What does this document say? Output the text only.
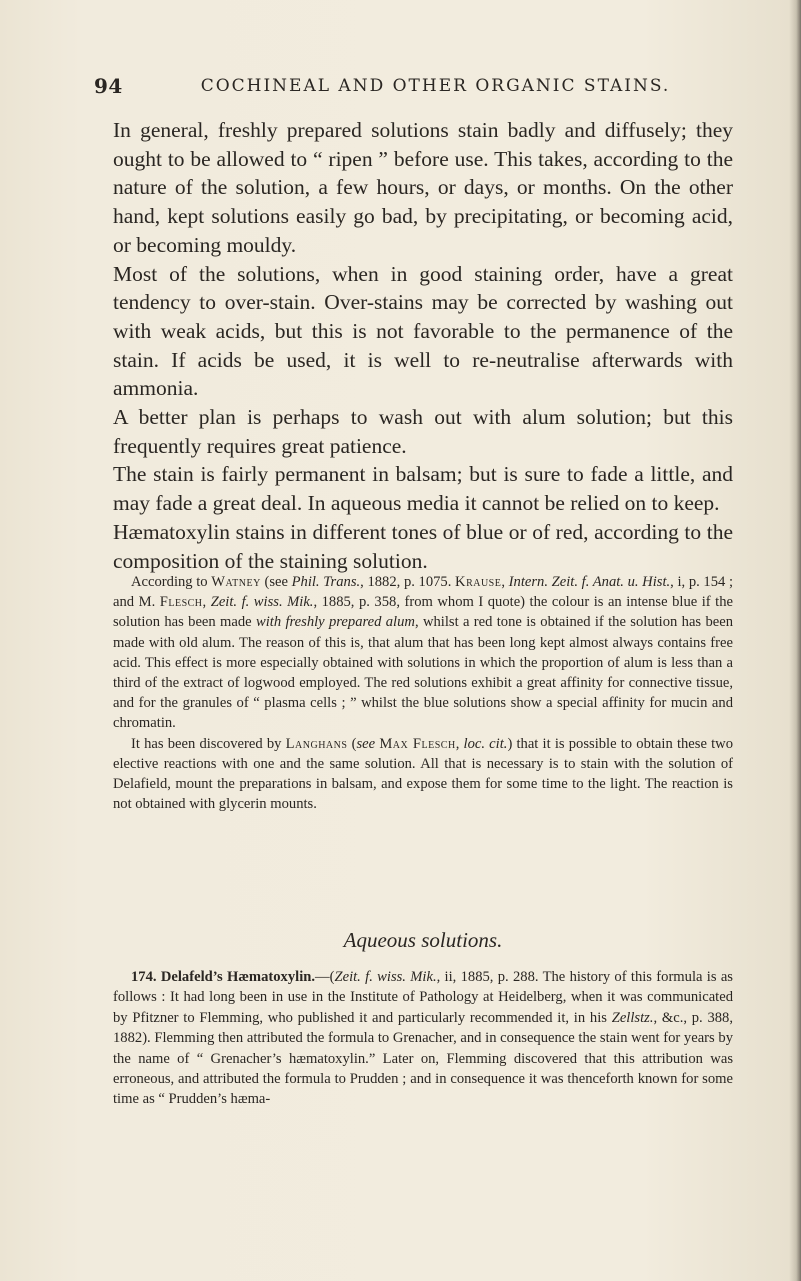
94	COCHINEAL AND OTHER ORGANIC STAINS.

In general, freshly prepared solutions stain badly and diffusely; they ought to be allowed to “ ripen ” before use. This takes, according to the nature of the solution, a few hours, or days, or months. On the other hand, kept solutions easily go bad, by precipitating, or becoming acid, or becoming mouldy.

Most of the solutions, when in good staining order, have a great tendency to over-stain. Over-stains may be corrected by washing out with weak acids, but this is not favorable to the permanence of the stain. If acids be used, it is well to re-neutralise afterwards with ammonia.

A better plan is perhaps to wash out with alum solution; but this frequently requires great patience.

The stain is fairly permanent in balsam; but is sure to fade a little, and may fade a great deal. In aqueous media it cannot be relied on to keep.

Hæmatoxylin stains in different tones of blue or of red, according to the composition of the staining solution.

According to Watney (see Phil. Trans., 1882, p. 1075. Krause, Intern. Zeit. f. Anat. u. Hist., i, p. 154 ; and M. Flesch, Zeit. f. wiss. Mik., 1885, p. 358, from whom I quote) the colour is an intense blue if the solution has been made with freshly prepared alum, whilst a red tone is obtained if the solution has been made with old alum. The reason of this is, that alum that has been long kept almost always contains free acid. This effect is more especially obtained with solutions in which the proportion of alum is less than a third of the extract of logwood employed. The red solutions exhibit a great affinity for connective tissue, and for the granules of “ plasma cells ; ” whilst the blue solutions show a special affinity for mucin and chromatin.

It has been discovered by Langhans (see Max Flesch, loc. cit.) that it is possible to obtain these two elective reactions with one and the same solution. All that is necessary is to stain with the solution of Delafield, mount the preparations in balsam, and expose them for some time to the light. The reaction is not obtained with glycerin mounts.

Aqueous solutions.

174. Delafeld’s Hæmatoxylin.—(Zeit. f. wiss. Mik., ii, 1885, p. 288. The history of this formula is as follows : It had long been in use in the Institute of Pathology at Heidelberg, when it was communicated by Pfitzner to Flemming, who published it and particularly recommended it, in his Zellstz., &c., p. 388, 1882). Flemming then attributed the formula to Grenacher, and in consequence the stain went for years by the name of “ Grenacher’s hæmatoxylin.” Later on, Flemming discovered that this attribution was erroneous, and attributed the formula to Prudden ; and in consequence it was thenceforth known for some time as “ Prudden’s hæma-
